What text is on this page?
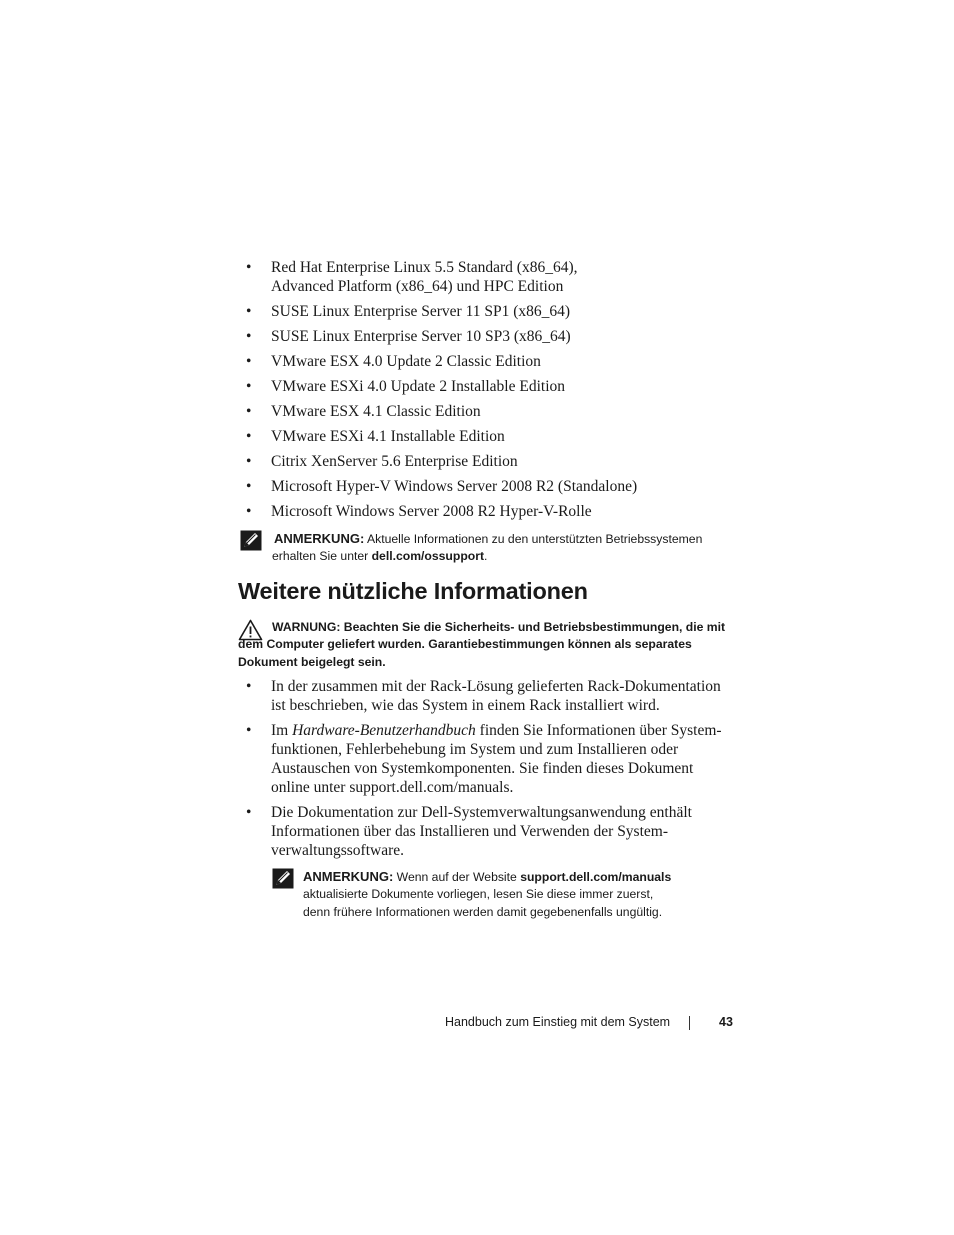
• Red Hat Enterprise Linux 5.5 Standard (x86_64),
Advanced Platform (x86_64) und HPC Edition
• SUSE Linux Enterprise Server 11 SP1 (x86_64)
• SUSE Linux Enterprise Server 10 SP3 (x86_64)
• VMware ESX 4.0 Update 2 Classic Edition
• VMware ESXi 4.0 Update 2 Installable Edition
• VMware ESX 4.1 Classic Edition
• VMware ESXi 4.1 Installable Edition
• Citrix XenServer 5.6 Enterprise Edition
• Microsoft Hyper-V Windows Server 2008 R2 (Standalone)
• Microsoft Windows Server 2008 R2 Hyper-V-Rolle
ANMERKUNG: Aktuelle Informationen zu den unterstützten Betriebssystemen
erhalten Sie unter dell.com/ossupport.
Weitere nützliche Informationen
WARNUNG: Beachten Sie die Sicherheits- und Betriebsbestimmungen, die mit dem Computer geliefert wurden. Garantiebestimmungen können als separates Dokument beigelegt sein.
• In der zusammen mit der Rack-Lösung gelieferten Rack-Dokumentation ist beschrieben, wie das System in einem Rack installiert wird.
• Im Hardware-Benutzerhandbuch finden Sie Informationen über System-
funktionen, Fehlerbehebung im System und zum Installieren oder
Austauschen von Systemkomponenten. Sie finden dieses Dokument
online unter support.dell.com/manuals.
• Die Dokumentation zur Dell-Systemverwaltungsanwendung enthält Informationen über das Installieren und Verwenden der System-verwaltungssoftware.
ANMERKUNG: Wenn auf der Website support.dell.com/manuals
aktualisierte Dokumente vorliegen, lesen Sie diese immer zuerst,
denn frühere Informationen werden damit gegebenenfalls ungültig.
Handbuch zum Einstieg mit dem System	43
